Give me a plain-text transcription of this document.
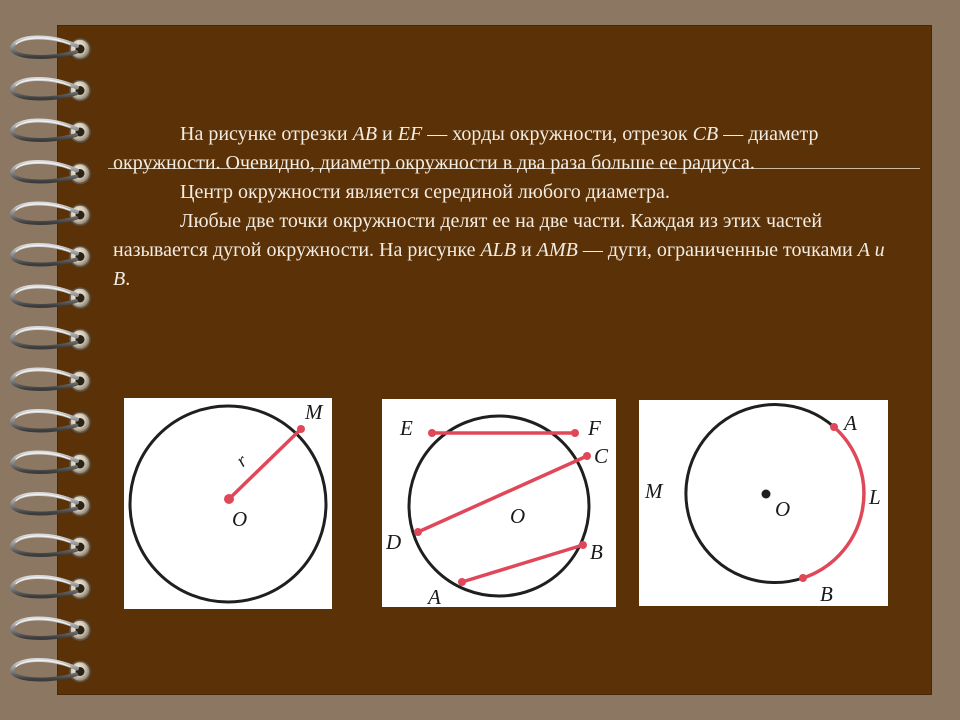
На рисунке отрезки AB и EF — хорды окружности, отрезок CB — диаметр окружности. Очевидно, диаметр окружности в два раза больше ее радиуса.

Центр окружности является серединой любого диаметра.

Любые две точки окружности делят ее на две части. Каждая из этих частей называется дугой окружности. На рисунке ALB и AMB — дуги, ограниченные точками A и B.

M
r
O
E	F
C
O
D	B
A
A
M
O	L
B
